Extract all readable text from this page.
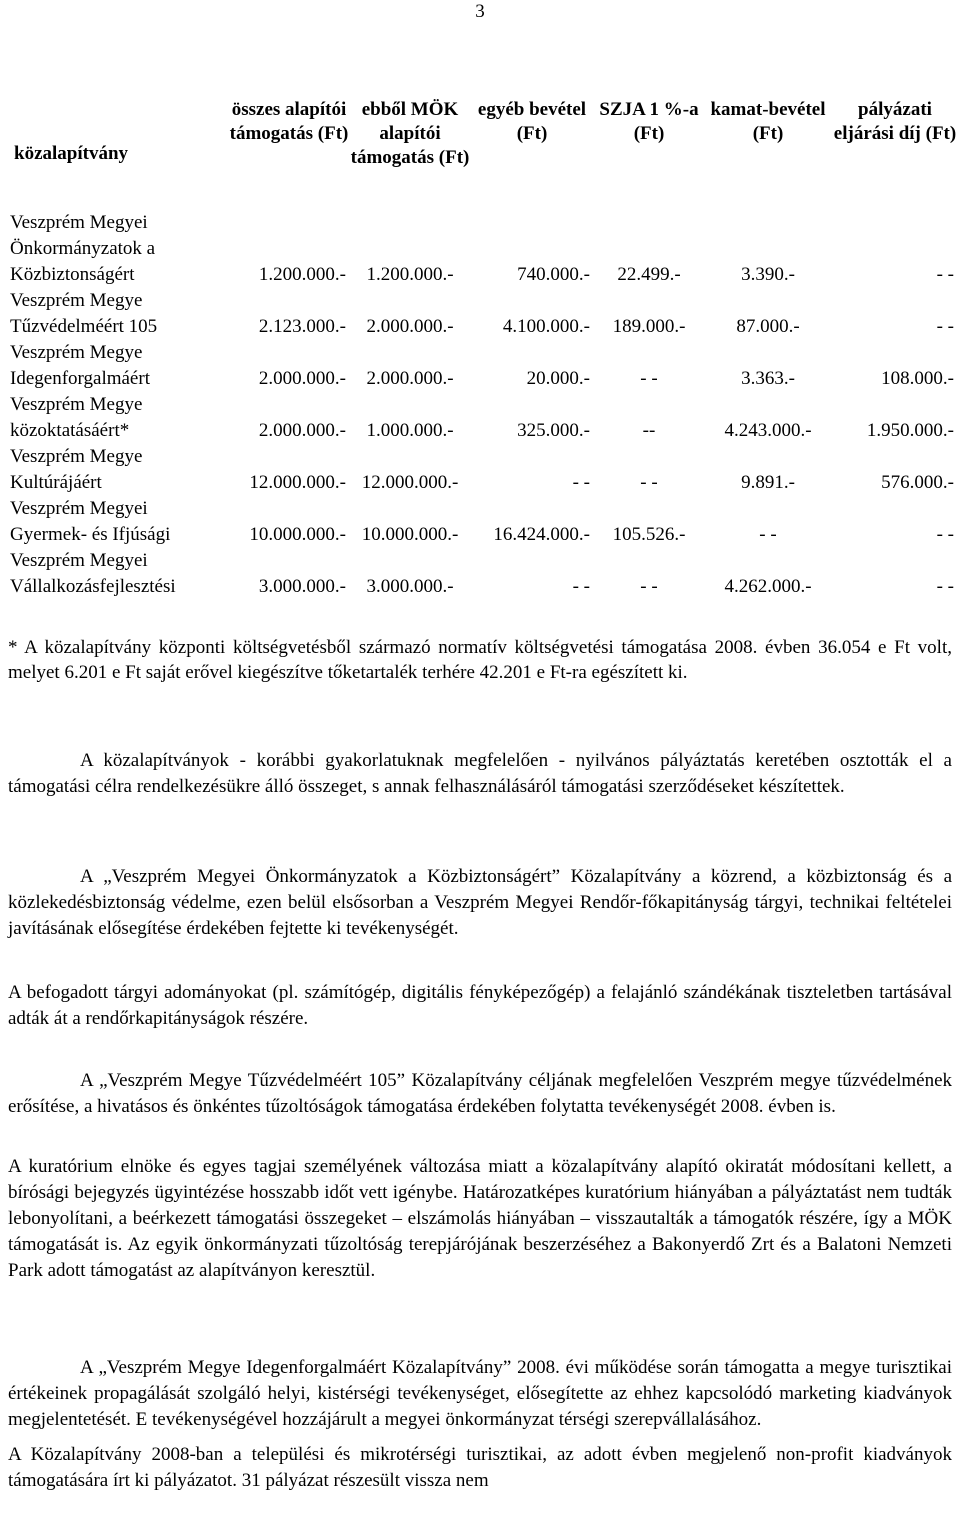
3
közalapítvány	összes alapítói támogatás (Ft)	ebből MÖK alapítói támogatás (Ft)	egyéb bevétel (Ft)	SZJA 1 %-a (Ft)	kamat-bevétel (Ft)	pályázati eljárási díj (Ft)
Veszprém Megyei Önkormányzatok a Közbiztonságért	1.200.000.-	1.200.000.-	740.000.-	22.499.-	3.390.-	- -
Veszprém Megye Tűzvédelméért 105	2.123.000.-	2.000.000.-	4.100.000.-	189.000.-	87.000.-	- -
Veszprém Megye Idegenforgalmáért	2.000.000.-	2.000.000.-	20.000.-	- -	3.363.-	108.000.-
Veszprém Megye közoktatásáért*	2.000.000.-	1.000.000.-	325.000.-	--	4.243.000.-	1.950.000.-
Veszprém Megye Kultúrájáért	12.000.000.-	12.000.000.-	- -	- -	9.891.-	576.000.-
Veszprém Megyei Gyermek- és Ifjúsági	10.000.000.-	10.000.000.-	16.424.000.-	105.526.-	- -	- -
Veszprém Megyei Vállalkozásfejlesztési	3.000.000.-	3.000.000.-	- -	- -	4.262.000.-	- -
* A közalapítvány központi költségvetésből származó normatív költségvetési támogatása 2008. évben 36.054 e Ft volt, melyet 6.201 e Ft saját erővel kiegészítve tőketartalék terhére 42.201 e Ft-ra egészített ki.
A közalapítványok - korábbi gyakorlatuknak megfelelően - nyilvános pályáztatás keretében osztották el a támogatási célra rendelkezésükre álló összeget, s annak felhasználásáról támogatási szerződéseket készítettek.
A „Veszprém Megyei Önkormányzatok a Közbiztonságért” Közalapítvány a közrend, a közbiztonság és a közlekedésbiztonság védelme, ezen belül elsősorban a Veszprém Megyei Rendőr-főkapitányság tárgyi, technikai feltételei javításának elősegítése érdekében fejtette ki tevékenységét.
A befogadott tárgyi adományokat (pl. számítógép, digitális fényképezőgép) a felajánló szándékának tiszteletben tartásával adták át a rendőrkapitányságok részére.
A „Veszprém Megye Tűzvédelméért 105” Közalapítvány céljának megfelelően Veszprém megye tűzvédelmének erősítése, a hivatásos és önkéntes tűzoltóságok támogatása érdekében folytatta tevékenységét 2008. évben is.
A kuratórium elnöke és egyes tagjai személyének változása miatt a közalapítvány alapító okiratát módosítani kellett, a bírósági bejegyzés ügyintézése hosszabb időt vett igénybe. Határozatképes kuratórium hiányában a pályáztatást nem tudták lebonyolítani, a beérkezett támogatási összegeket – elszámolás hiányában – visszautalták a támogatók részére, így a MÖK támogatását is. Az egyik önkormányzati tűzoltóság terepjárójának beszerzéséhez a Bakonyerdő Zrt és a Balatoni Nemzeti Park adott támogatást az alapítványon keresztül.
A „Veszprém Megye Idegenforgalmáért Közalapítvány” 2008. évi működése során támogatta a megye turisztikai értékeinek propagálását szolgáló helyi, kistérségi tevékenységet, elősegítette az ehhez kapcsolódó marketing kiadványok megjelentetését. E tevékenységével hozzájárult a megyei önkormányzat térségi szerepvállalásához.
A Közalapítvány 2008-ban a települési és mikrotérségi turisztikai, az adott évben megjelenő non-profit kiadványok támogatására írt ki pályázatot. 31 pályázat részesült vissza nem
